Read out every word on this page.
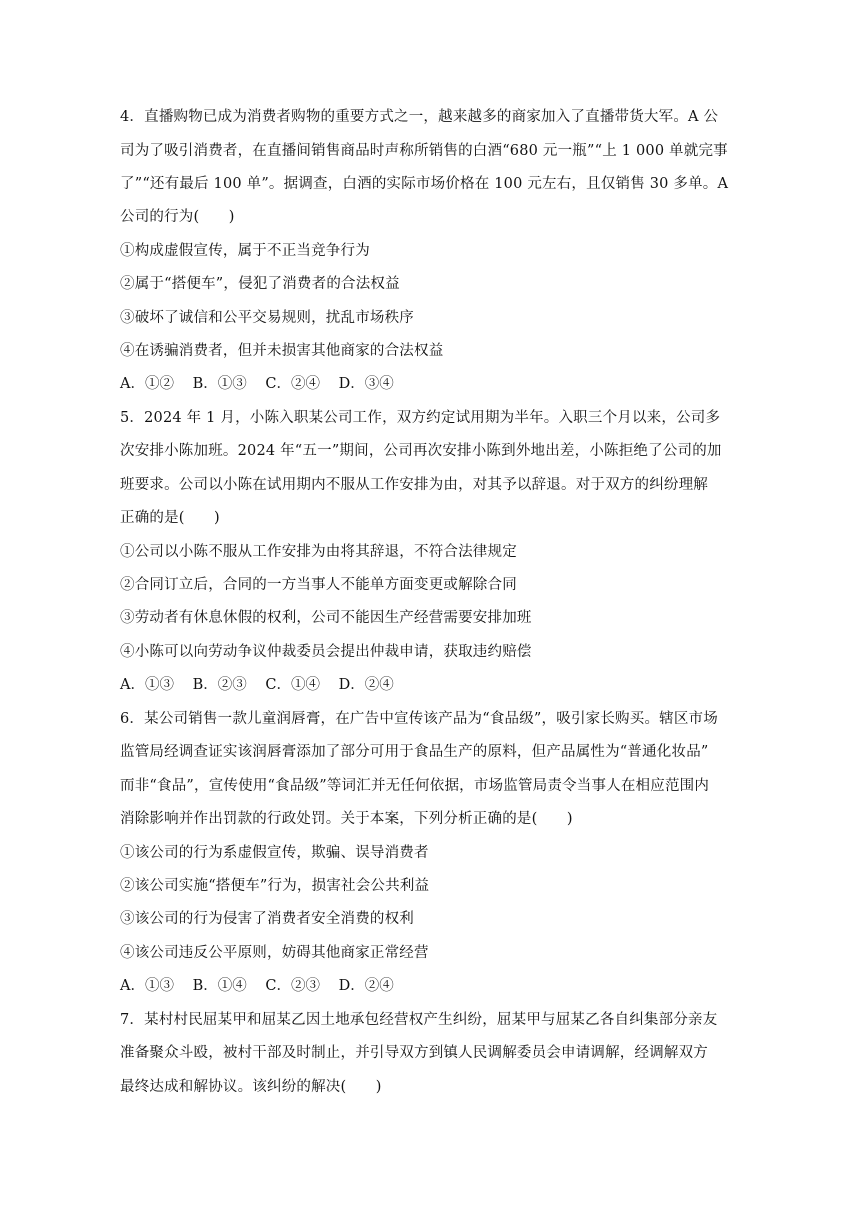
4．直播购物已成为消费者购物的重要方式之一，越来越多的商家加入了直播带货大军。A 公
司为了吸引消费者，在直播间销售商品时声称所销售的白酒“680 元一瓶”“上 1 000 单就完事
了”“还有最后 100 单”。据调查，白酒的实际市场价格在 100 元左右，且仅销售 30 多单。A
公司的行为(　　)
①构成虚假宣传，属于不正当竞争行为
②属于“搭便车”，侵犯了消费者的合法权益
③破坏了诚信和公平交易规则，扰乱市场秩序
④在诱骗消费者，但并未损害其他商家的合法权益
A．①② B．①③ C．②④ D．③④
5．2024 年 1 月，小陈入职某公司工作，双方约定试用期为半年。入职三个月以来，公司多
次安排小陈加班。2024 年“五一”期间，公司再次安排小陈到外地出差，小陈拒绝了公司的加
班要求。公司以小陈在试用期内不服从工作安排为由，对其予以辞退。对于双方的纠纷理解
正确的是(　　)
①公司以小陈不服从工作安排为由将其辞退，不符合法律规定
②合同订立后，合同的一方当事人不能单方面变更或解除合同
③劳动者有休息休假的权利，公司不能因生产经营需要安排加班
④小陈可以向劳动争议仲裁委员会提出仲裁申请，获取违约赔偿
A．①③ B．②③ C．①④ D．②④
6．某公司销售一款儿童润唇膏，在广告中宣传该产品为“食品级”，吸引家长购买。辖区市场
监管局经调查证实该润唇膏添加了部分可用于食品生产的原料，但产品属性为“普通化妆品”
而非“食品”，宣传使用“食品级”等词汇并无任何依据，市场监管局责令当事人在相应范围内
消除影响并作出罚款的行政处罚。关于本案，下列分析正确的是(　　)
①该公司的行为系虚假宣传，欺骗、误导消费者
②该公司实施“搭便车”行为，损害社会公共利益
③该公司的行为侵害了消费者安全消费的权利
④该公司违反公平原则，妨碍其他商家正常经营
A．①③ B．①④ C．②③ D．②④
7．某村村民屈某甲和屈某乙因土地承包经营权产生纠纷，屈某甲与屈某乙各自纠集部分亲友
准备聚众斗殴，被村干部及时制止，并引导双方到镇人民调解委员会申请调解，经调解双方
最终达成和解协议。该纠纷的解决(　　)
